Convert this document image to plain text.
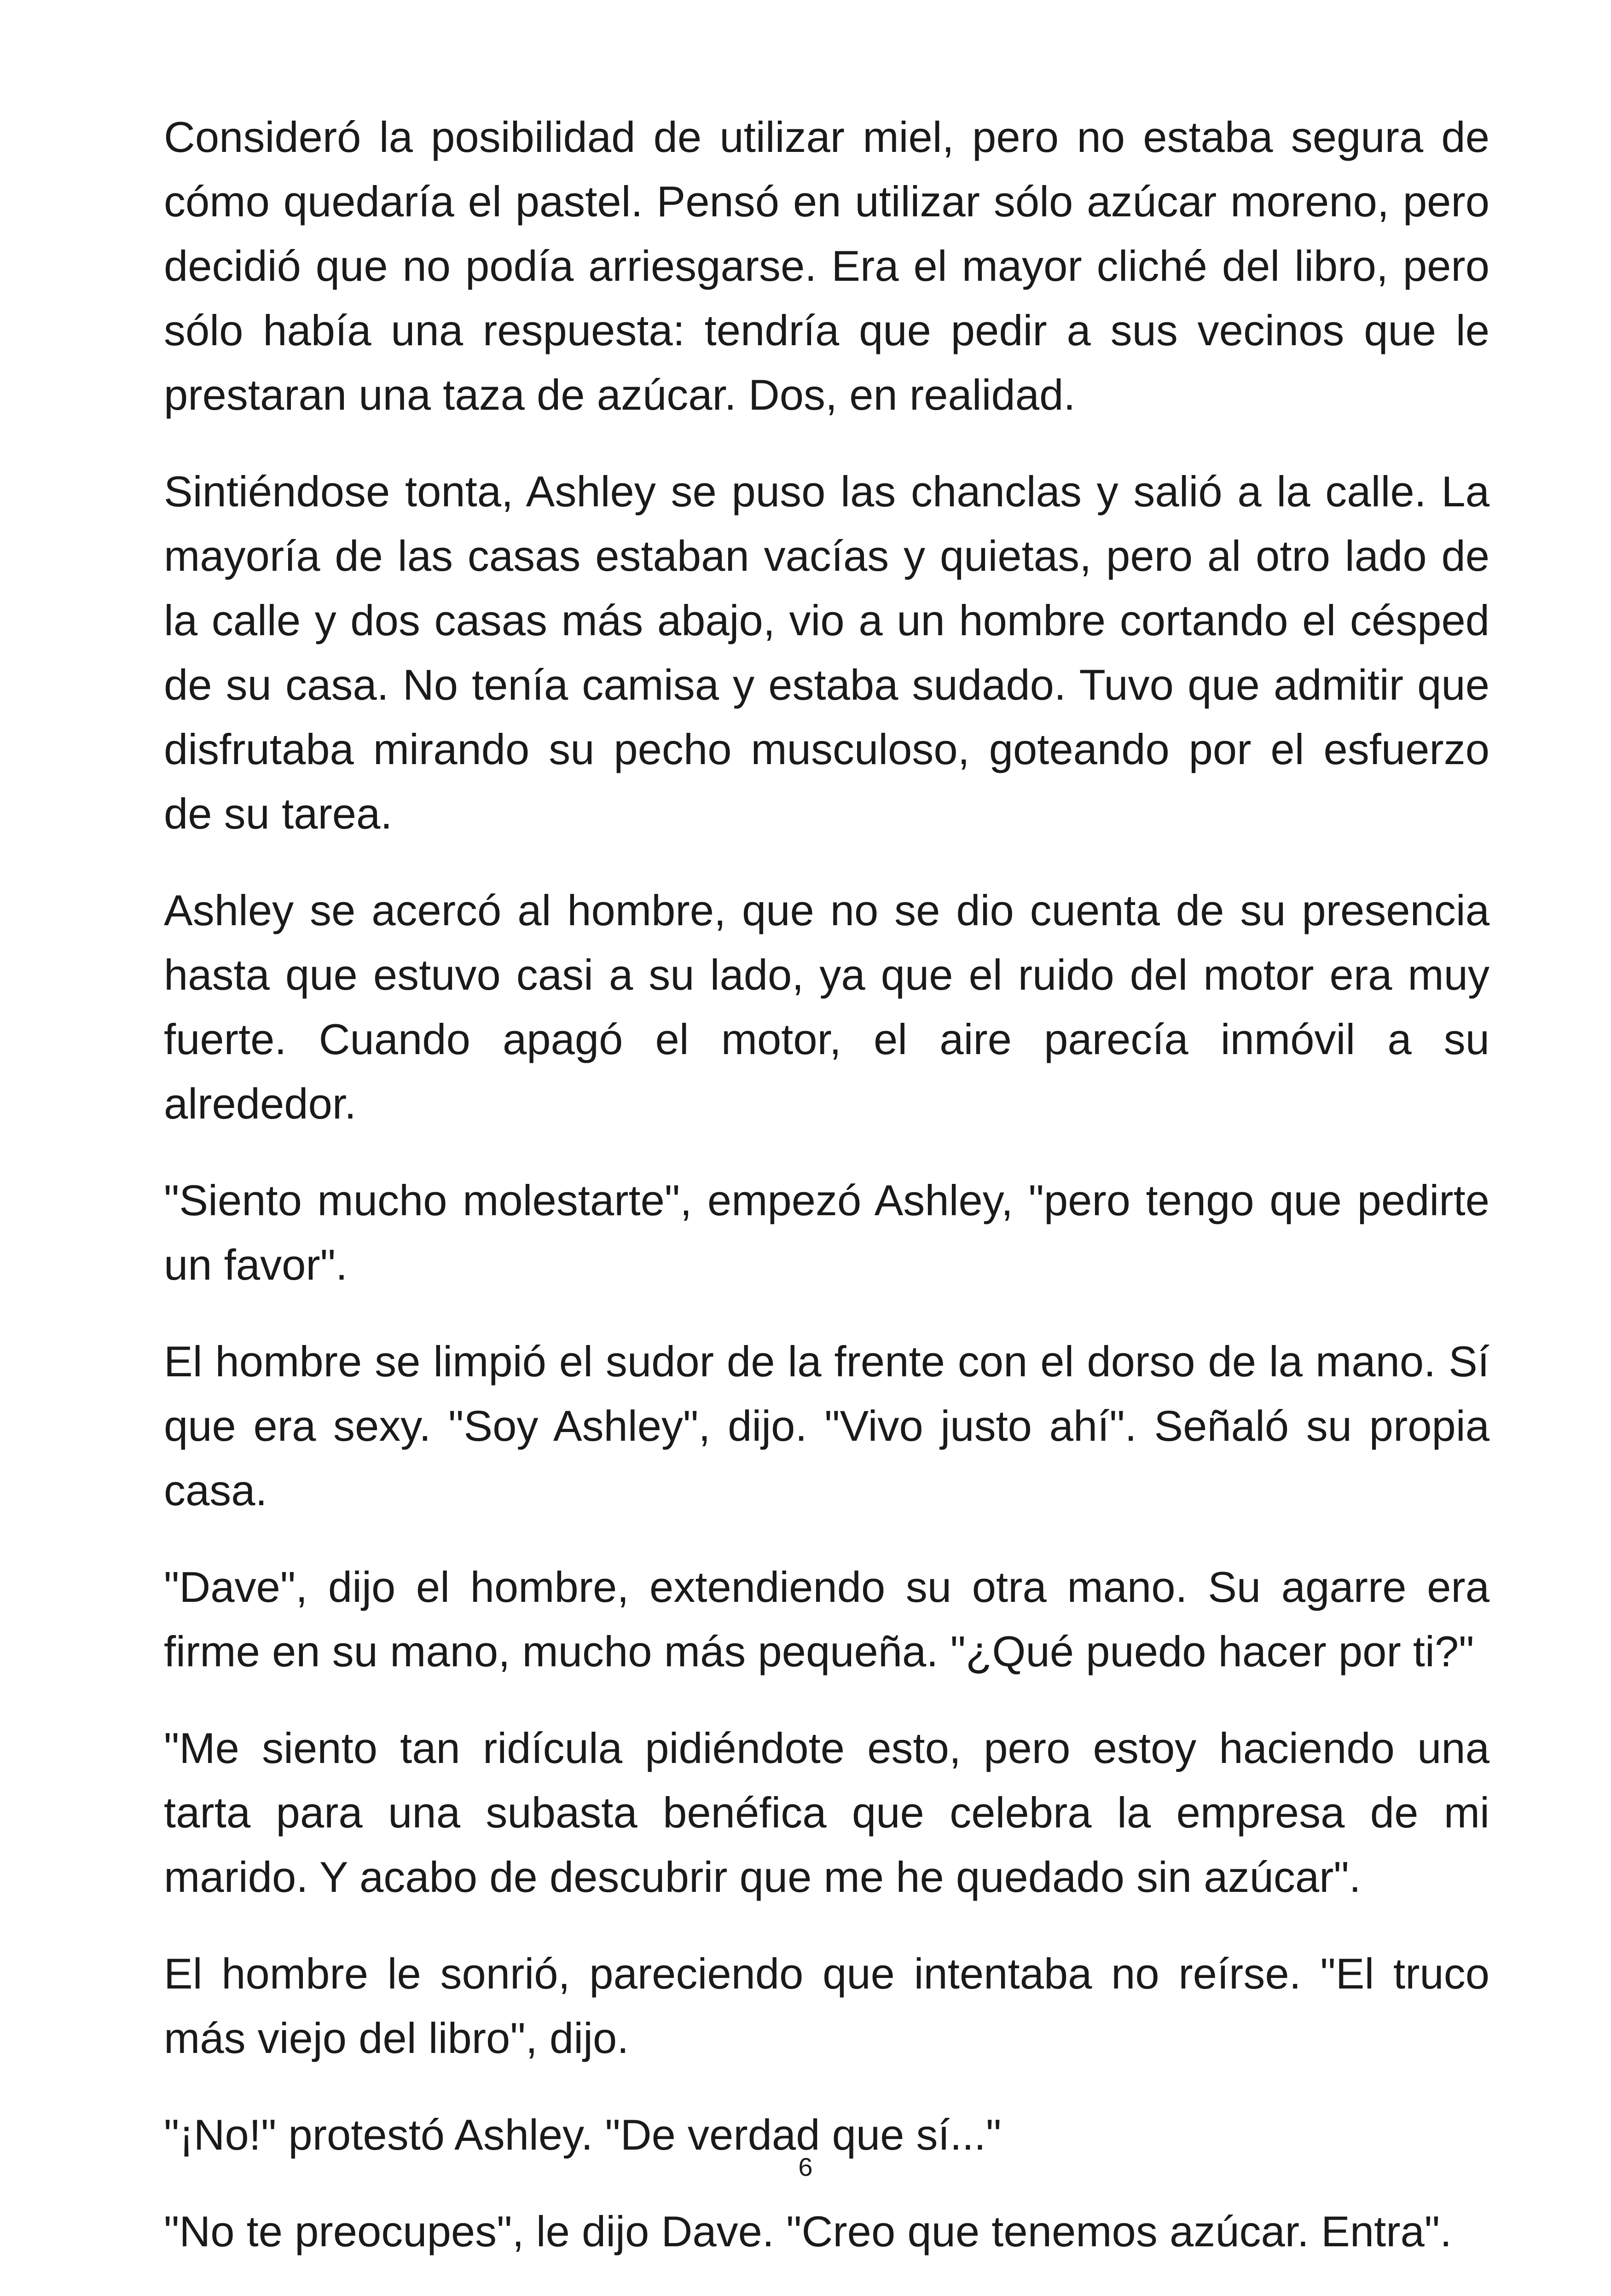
Consideró la posibilidad de utilizar miel, pero no estaba segura de cómo quedaría el pastel. Pensó en utilizar sólo azúcar moreno, pero decidió que no podía arriesgarse. Era el mayor cliché del libro, pero sólo había una respuesta: tendría que pedir a sus vecinos que le prestaran una taza de azúcar. Dos, en realidad.

Sintiéndose tonta, Ashley se puso las chanclas y salió a la calle. La mayoría de las casas estaban vacías y quietas, pero al otro lado de la calle y dos casas más abajo, vio a un hombre cortando el césped de su casa. No tenía camisa y estaba sudado. Tuvo que admitir que disfrutaba mirando su pecho musculoso, goteando por el esfuerzo de su tarea.

Ashley se acercó al hombre, que no se dio cuenta de su presencia hasta que estuvo casi a su lado, ya que el ruido del motor era muy fuerte. Cuando apagó el motor, el aire parecía inmóvil a su alrededor.

"Siento mucho molestarte", empezó Ashley, "pero tengo que pedirte un favor".

El hombre se limpió el sudor de la frente con el dorso de la mano. Sí que era sexy. "Soy Ashley", dijo. "Vivo justo ahí". Señaló su propia casa.

"Dave", dijo el hombre, extendiendo su otra mano. Su agarre era firme en su mano, mucho más pequeña. "¿Qué puedo hacer por ti?"

"Me siento tan ridícula pidiéndote esto, pero estoy haciendo una tarta para una subasta benéfica que celebra la empresa de mi marido. Y acabo de descubrir que me he quedado sin azúcar".

El hombre le sonrió, pareciendo que intentaba no reírse. "El truco más viejo del libro", dijo.

"¡No!" protestó Ashley. "De verdad que sí..."

"No te preocupes", le dijo Dave. "Creo que tenemos azúcar. Entra".

6
